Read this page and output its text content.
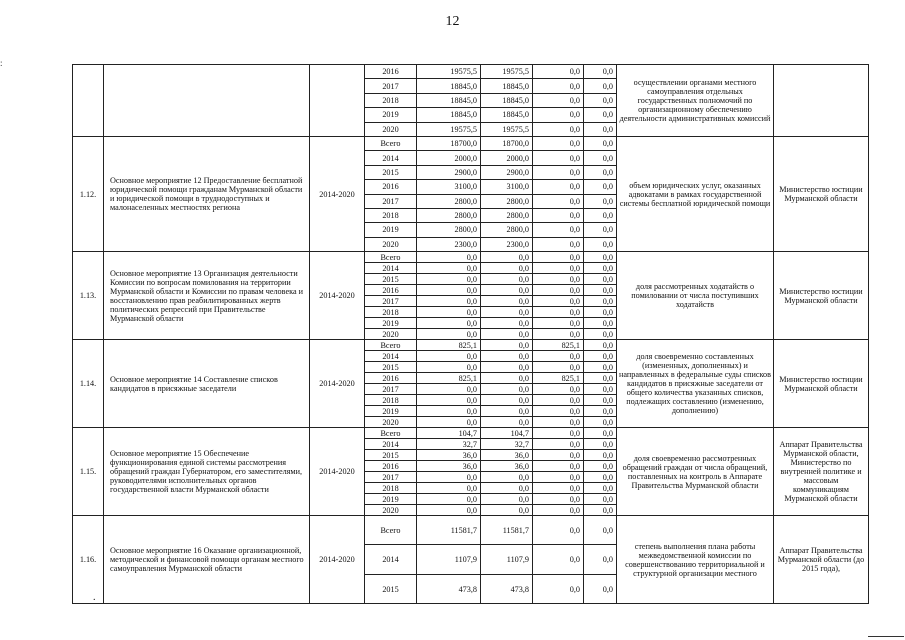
:
12
			2016	19575,5	19575,5	0,0	0,0	осуществлении органами местного самоуправления отдельных государственных полномочий по организационному обеспечению деятельности административных комиссий	
			2017	18845,0	18845,0	0,0	0,0		
			2018	18845,0	18845,0	0,0	0,0		
			2019	18845,0	18845,0	0,0	0,0		
			2020	19575,5	19575,5	0,0	0,0		
1.12.	Основное мероприятие 12 Предоставление бесплатной юридической помощи гражданам Мурманской области и юридической помощи в труднодоступных и малонаселенных местностях региона	2014-2020	Всего	18700,0	18700,0	0,0	0,0	объем юридических услуг, оказанных адвокатами в рамках государственной системы бесплатной юридической помощи	Министерство юстиции Мурманской области
			2014	2000,0	2000,0	0,0	0,0		
			2015	2900,0	2900,0	0,0	0,0		
			2016	3100,0	3100,0	0,0	0,0		
			2017	2800,0	2800,0	0,0	0,0		
			2018	2800,0	2800,0	0,0	0,0		
			2019	2800,0	2800,0	0,0	0,0		
			2020	2300,0	2300,0	0,0	0,0		
1.13.	Основное мероприятие 13 Организация деятельности Комиссии по вопросам помилования на территории Мурманской области и Комиссии по правам человека и восстановлению прав реабилитированных жертв политических репрессий при Правительстве Мурманской области	2014-2020	Всего	0,0	0,0	0,0	0,0	доля рассмотренных ходатайств о помиловании от числа поступивших ходатайств	Министерство юстиции Мурманской области
			2014	0,0	0,0	0,0	0,0		
			2015	0,0	0,0	0,0	0,0		
			2016	0,0	0,0	0,0	0,0		
			2017	0,0	0,0	0,0	0,0		
			2018	0,0	0,0	0,0	0,0		
			2019	0,0	0,0	0,0	0,0		
			2020	0,0	0,0	0,0	0,0		
1.14.	Основное мероприятие 14 Составление списков кандидатов в присяжные заседатели	2014-2020	Всего	825,1	0,0	825,1	0,0	доля своевременно составленных (измененных, дополненных) и направленных в федеральные суды списков кандидатов в присяжные заседатели от общего количества указанных списков, подлежащих составлению (изменению, дополнению)	Министерство юстиции Мурманской области
			2014	0,0	0,0	0,0	0,0		
			2015	0,0	0,0	0,0	0,0		
			2016	825,1	0,0	825,1	0,0		
			2017	0,0	0,0	0,0	0,0		
			2018	0,0	0,0	0,0	0,0		
			2019	0,0	0,0	0,0	0,0		
			2020	0,0	0,0	0,0	0,0		
1.15.	Основное мероприятие 15 Обеспечение функционирования единой системы рассмотрения обращений граждан Губернатором, его заместителями, руководителями исполнительных органов государственной власти Мурманской области	2014-2020	Всего	104,7	104,7	0,0	0,0	доля своевременно рассмотренных обращений граждан от числа обращений, поставленных на контроль в Аппарате Правительства Мурманской области	Аппарат Правительства Мурманской области, Министерство по внутренней политике и массовым коммуникациям Мурманской области
			2014	32,7	32,7	0,0	0,0		
			2015	36,0	36,0	0,0	0,0		
			2016	36,0	36,0	0,0	0,0		
			2017	0,0	0,0	0,0	0,0		
			2018	0,0	0,0	0,0	0,0		
			2019	0,0	0,0	0,0	0,0		
			2020	0,0	0,0	0,0	0,0		
1.16.	Основное мероприятие 16 Оказание организационной, методической и финансовой помощи органам местного самоуправления Мурманской области	2014-2020	Всего	11581,7	11581,7	0,0	0,0	степень выполнения плана работы межведомственной комиссии по совершенствованию территориальной и структурной организации местного	Аппарат Правительства Мурманской области (до 2015 года),
			2014	1107,9	1107,9	0,0	0,0		
			2015	473,8	473,8	0,0	0,0		
.
